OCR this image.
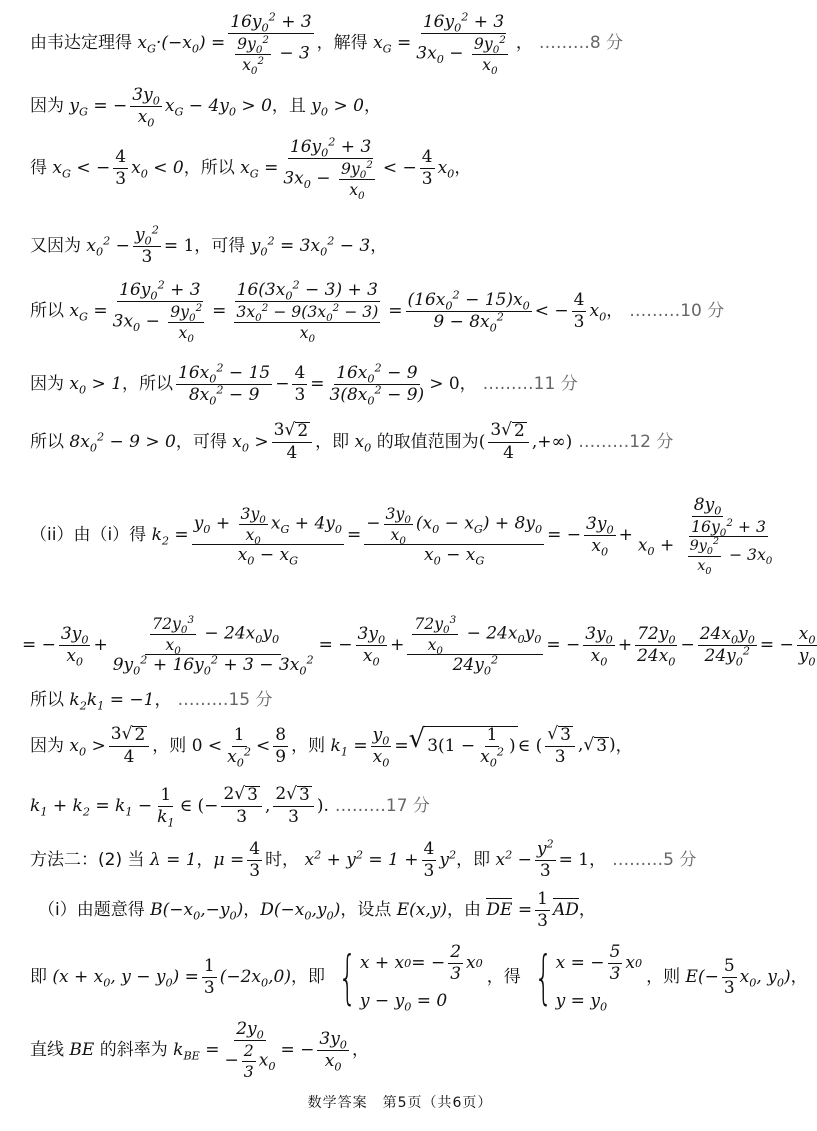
由韦达定理得 $x_G\cdot(-x_0) = \frac{16y_0^2 + 3}{\frac{9y_0^2}{x_0^2} - 3}$ ，解得 $x_G = \frac{16y_0^2 + 3}{3x_0 - \frac{9y_0^2}{x_0}}$ ， ………8 分
因为 $y_G$ = − $\frac{3y_0}{x_0} x_G - 4y_0 > 0$ ，且 $y_0 > 0$ ，
得 $x_G$ < − $\frac{4}{3} x_0 < 0$ ，所以 $x_G = \frac{16y_0^2 + 3}{3x_0 - \frac{9y_0^2}{x_0}}$ < − $\frac{4}{3} x_0$ ，
又因为 $x_0^2 - \frac{y_0^2}{3} = 1$ ，可得 $y_0^2 = 3x_0^2 - 3$ ，
所以 $x_G = \frac{16y_0^2 + 3}{3x_0 - \frac{9y_0^2}{x_0}} = \frac{16(3x_0^2 - 3) + 3}{\frac{3x_0^2 - 9(3x_0^2 - 3)}{x_0}} = \frac{(16x_0^2 - 15)x_0}{9 - 8x_0^2}$ < − $\frac{4}{3} x_0$ ， ………10 分
因为 $x_0 > 1$ ，所以 $\frac{16x_0^2 - 15}{8x_0^2 - 9} - \frac{4}{3} = \frac{16x_0^2 - 9}{3(8x_0^2 - 9)} > 0$ ， ………11 分
所以 $8x_0^2 - 9 > 0$ ，可得 $x_0 > \frac{3√ 2}{4}$ ，即 $x_0$ 的取值范围为 ( $\frac{3√ 2}{4}$ ,+∞) ………12 分
（ii）由（i）得 $k_2 = \frac{y_0 + \frac{3y_0}{x_0} x_G + 4y_0}{x_0 - x_G} = \frac{- \frac{3y_0}{x_0} (x_0 - x_G) + 8y_0}{x_0 - x_G}$ = − $\frac{3y_0}{x_0} + \frac{8y_0}{x_0 + \frac{16y_0^2 + 3}{\frac{9y_0^2}{x_0} - 3x_0}}$
= − $\frac{3y_0}{x_0} + \frac{\frac{72y_0^3}{x_0} - 24x_0y_0}{9y_0^2 + 16y_0^2 + 3 - 3x_0^2}$ = − $\frac{3y_0}{x_0} + \frac{\frac{72y_0^3}{x_0} - 24x_0y_0}{24y_0^2}$ = − $\frac{3y_0}{x_0} + \frac{72y_0}{24x_0} - \frac{24x_0y_0}{24y_0^2}$ = − $\frac{x_0}{y_0}$
所以 $k_2k_1 = -1$ ， ………15 分
因为 $x_0 > \frac{3√ 2}{4}$ ，则 $0 < \frac{1}{x_0^2} < \frac{8}{9}$ ，则 $k_1 = \frac{y_0}{x_0}$ = √ $3(1 - \frac{1}{x_0^2}$ ) ∈ ( $\frac{√ 3}{3}$ ,√ 3 ) ，
$k_1 + k_2 = k_1 - \frac{1}{k_1}$ ∈ (− $\frac{2√ 3}{3}$ , $\frac{2√ 3}{3}$ ). ………17 分
方法二：(2) 当 λ = 1 ， $\mu = \frac{4}{3}$ 时， $x^2 + y^2 = 1 + \frac{4}{3} y^2$ ，即 $x^2 - \frac{y^2}{3} = 1$ ， ………5 分
（i）由题意得 $B(-x_0,-y_0)$ ， $D(-x_0,y_0)$ ，设点 E(x,y) ，由 DE = $\frac{1}{3}$ AD ，
即 ($x + x_0$, $y - y_0) = \frac{1}{3} (-2x_0,0)$ ，即 { x + x 0 = − $\frac{2}{3}$ x 0
$y - y_0 = 0$
，得 { x = − $\frac{5}{3}$ x 0
$y = y_0$
，则 $E(- \frac{5}{3} x_0$, $y_0$) ，
直线 BE 的斜率为 $k_{BE} = \frac{2y_0}{- \frac{2}{3} x_0}$ = − $\frac{3y_0}{x_0}$ ，
数学答案　第5页（共6页）
